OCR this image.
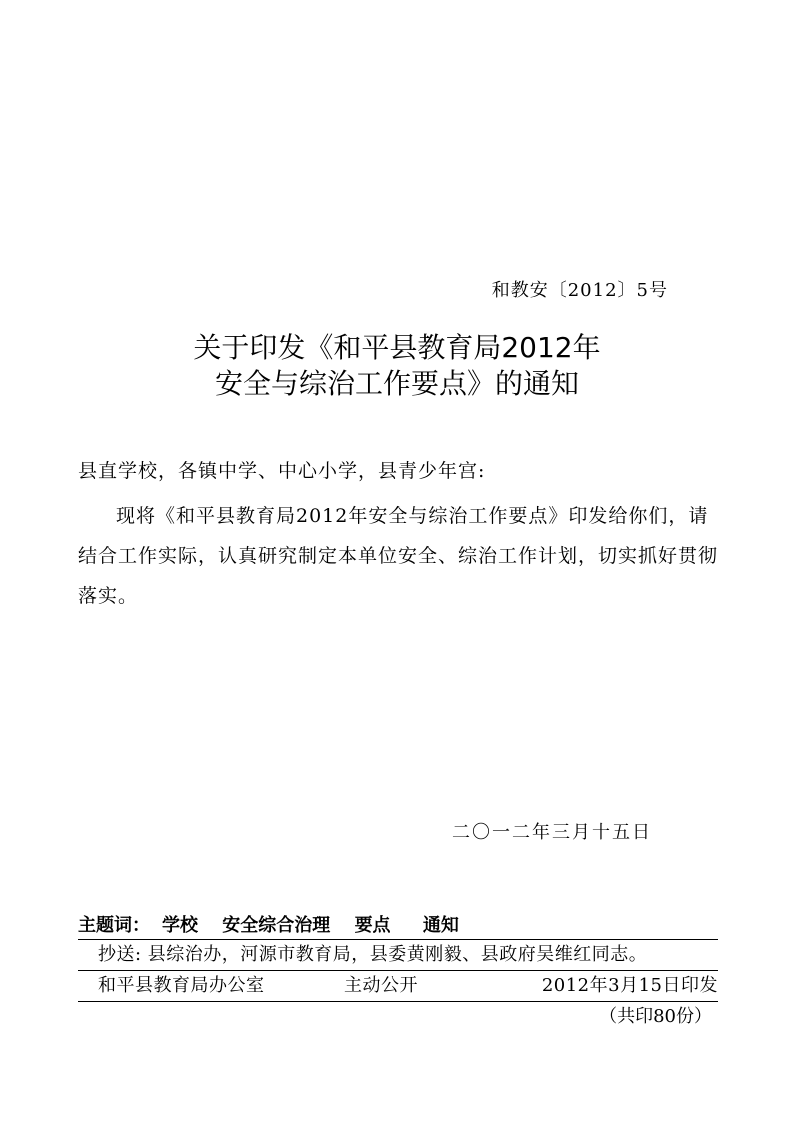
和教安〔2012〕5号
关于印发《和平县教育局2012年
安全与综治工作要点》的通知
县直学校，各镇中学、中心小学，县青少年宫:

现将《和平县教育局2012年安全与综治工作要点》印发给你们，请结合工作实际，认真研究制定本单位安全、综治工作计划，切实抓好贯彻落实。

二〇一二年三月十五日
主题词： 学校 安全综合治理 要点 通知
抄送: 县综治办，河源市教育局，县委黄刚毅、县政府吴维红同志。
和平县教育局办公室	主动公开	2012年3月15日印发
（共印80份）
